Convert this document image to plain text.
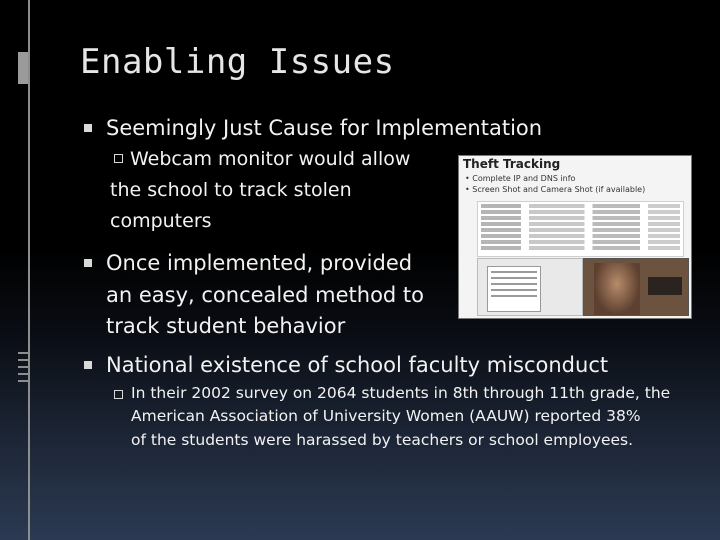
Enabling Issues
Seemingly Just Cause for Implementation
Webcam monitor would allow
the school to track stolen
computers
Once implemented, provided
an easy, concealed method to
track student behavior
National existence of school faculty misconduct
In their 2002 survey on 2064 students in 8th through 11th grade, the
American Association of University Women (AAUW) reported 38%
of the students were harassed by teachers or school employees.
Theft Tracking
• Complete IP and DNS info
• Screen Shot and Camera Shot (if available)
